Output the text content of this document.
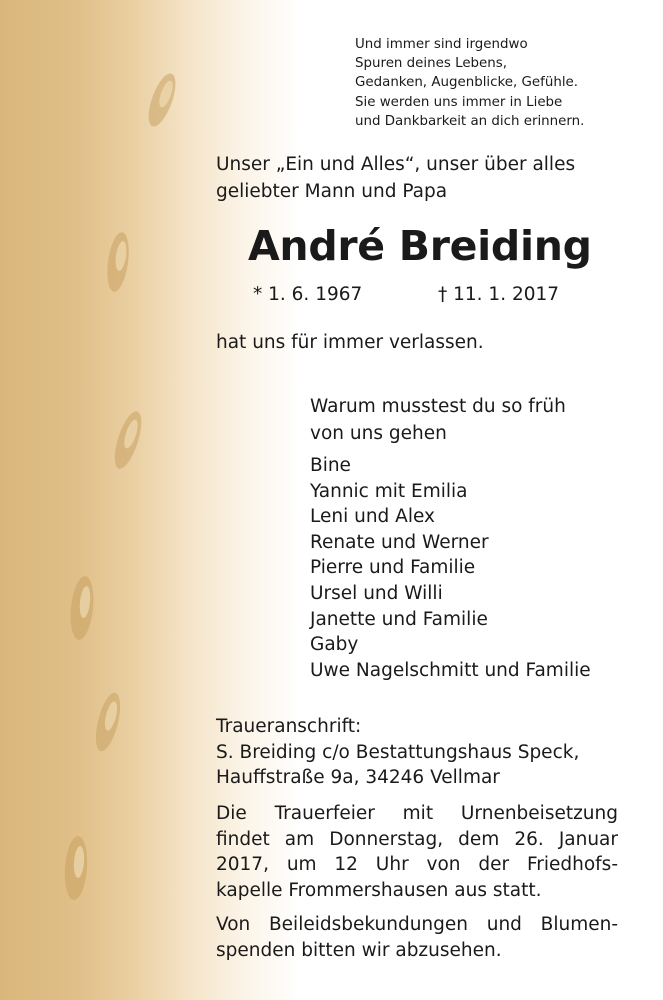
Und immer sind irgendwo
Spuren deines Lebens,
Gedanken, Augenblicke, Gefühle.
Sie werden uns immer in Liebe
und Dankbarkeit an dich erinnern.
Unser „Ein und Alles“, unser über alles
geliebter Mann und Papa
André Breiding
* 1. 6. 1967	† 11. 1. 2017
hat uns für immer verlassen.
Warum musstest du so früh
von uns gehen
Bine
Yannic mit Emilia
Leni und Alex
Renate und Werner
Pierre und Familie
Ursel und Willi
Janette und Familie
Gaby
Uwe Nagelschmitt und Familie
Traueranschrift:
S. Breiding c/o Bestattungshaus Speck,
Hauffstraße 9a, 34246 Vellmar
Die Trauerfeier mit Urnenbeisetzung
findet am Donnerstag, dem 26. Januar
2017, um 12 Uhr von der Friedhofs-
kapelle Frommershausen aus statt.
Von Beileidsbekundungen und Blumen-
spenden bitten wir abzusehen.
